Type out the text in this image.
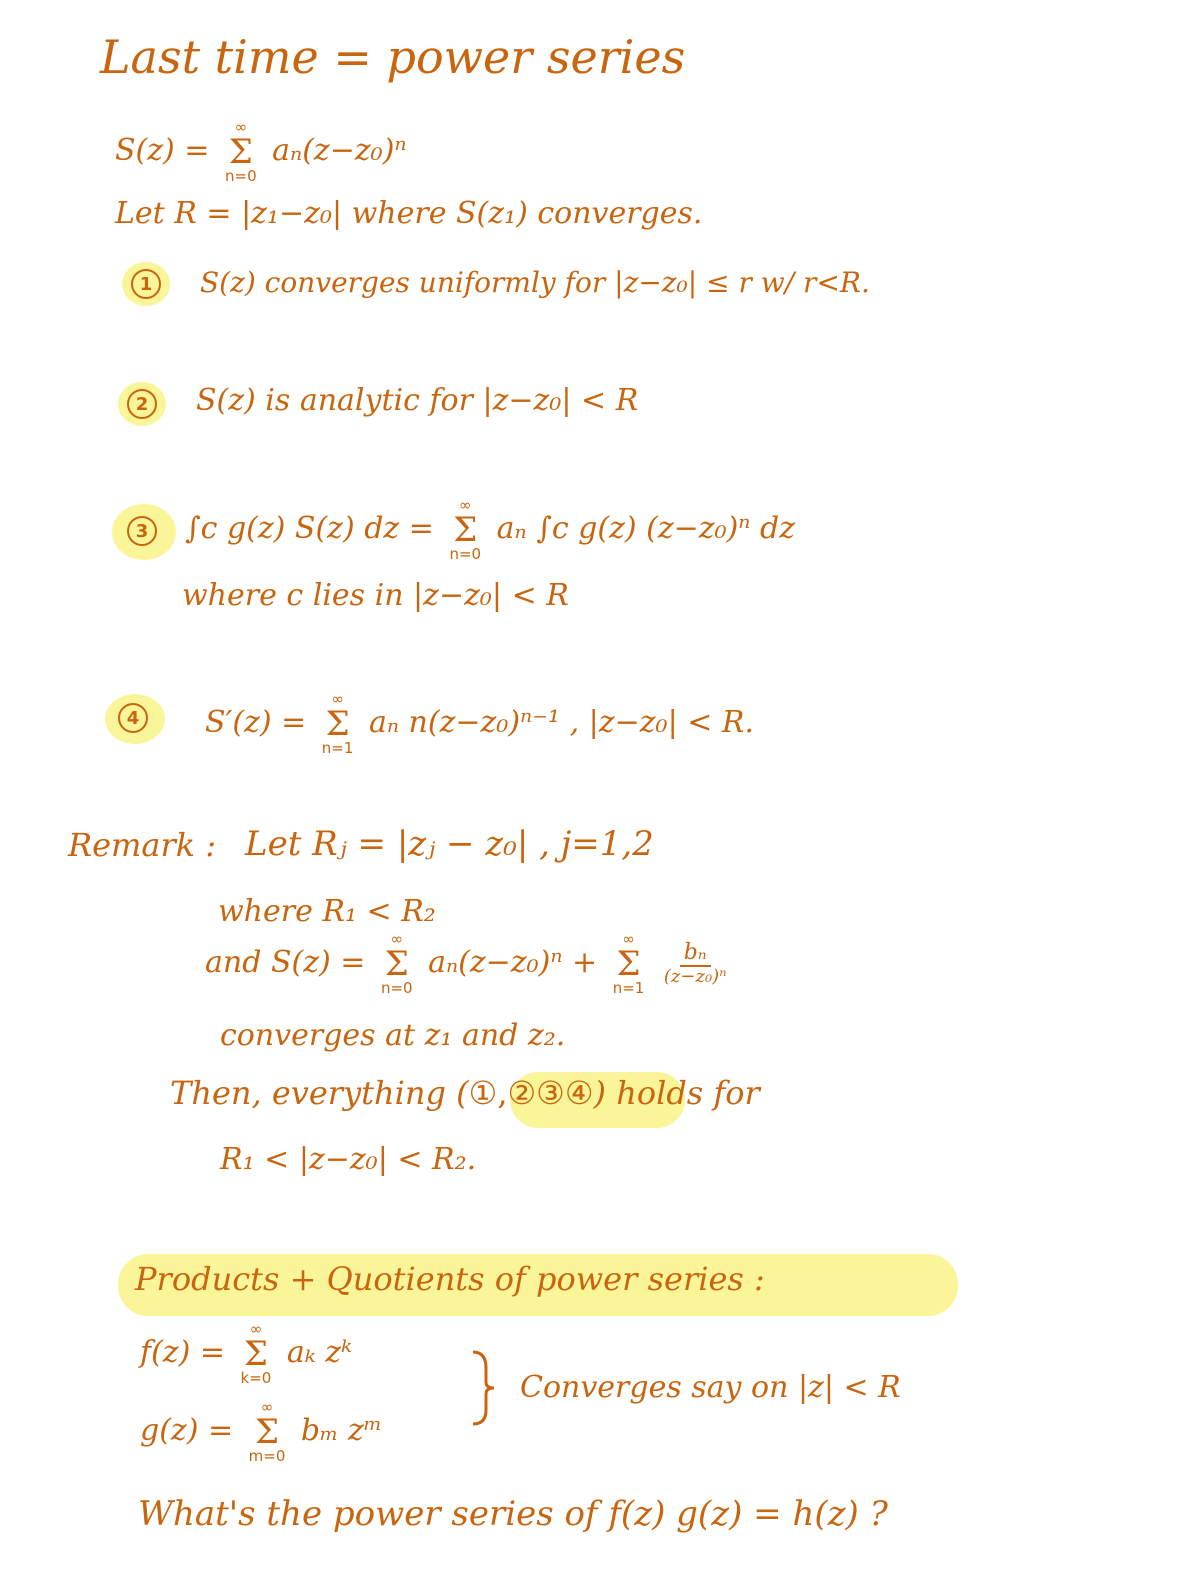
Last time = power series
S(z) =
∞
Σ
n=0
aₙ(z−z₀)ⁿ
Let R = |z₁−z₀| where S(z₁) converges.
1	S(z) converges uniformly for |z−z₀| ≤ r w/ r<R.
2 S(z) is analytic for |z−z₀| < R
3 ∫c g(z) S(z) dz =
∞
Σ
n=0
aₙ ∫c g(z) (z−z₀)ⁿ dz
where c lies in |z−z₀| < R
4 S′(z) =
∞
Σ
n=1
aₙ n(z−z₀)ⁿ⁻¹ , |z−z₀| < R.
Remark : Let Rⱼ = |zⱼ − z₀| , j=1,2
where R₁ < R₂
and S(z) =
∞
Σ
n=0
aₙ(z−z₀)ⁿ +
∞
Σ
n=1

$\frac{\text{bₙ}}{\text{(z−z₀)ⁿ}}$
converges at z₁ and z₂.
Then, everything (①,②③④) holds for
R₁ < |z−z₀| < R₂.
Products + Quotients of power series :
f(z) =
∞
Σ
k=0
aₖ zᵏ
g(z) =
∞
Σ
m=0
bₘ zᵐ
Converges say on |z| < R
What's the power series of f(z) g(z) = h(z) ?
